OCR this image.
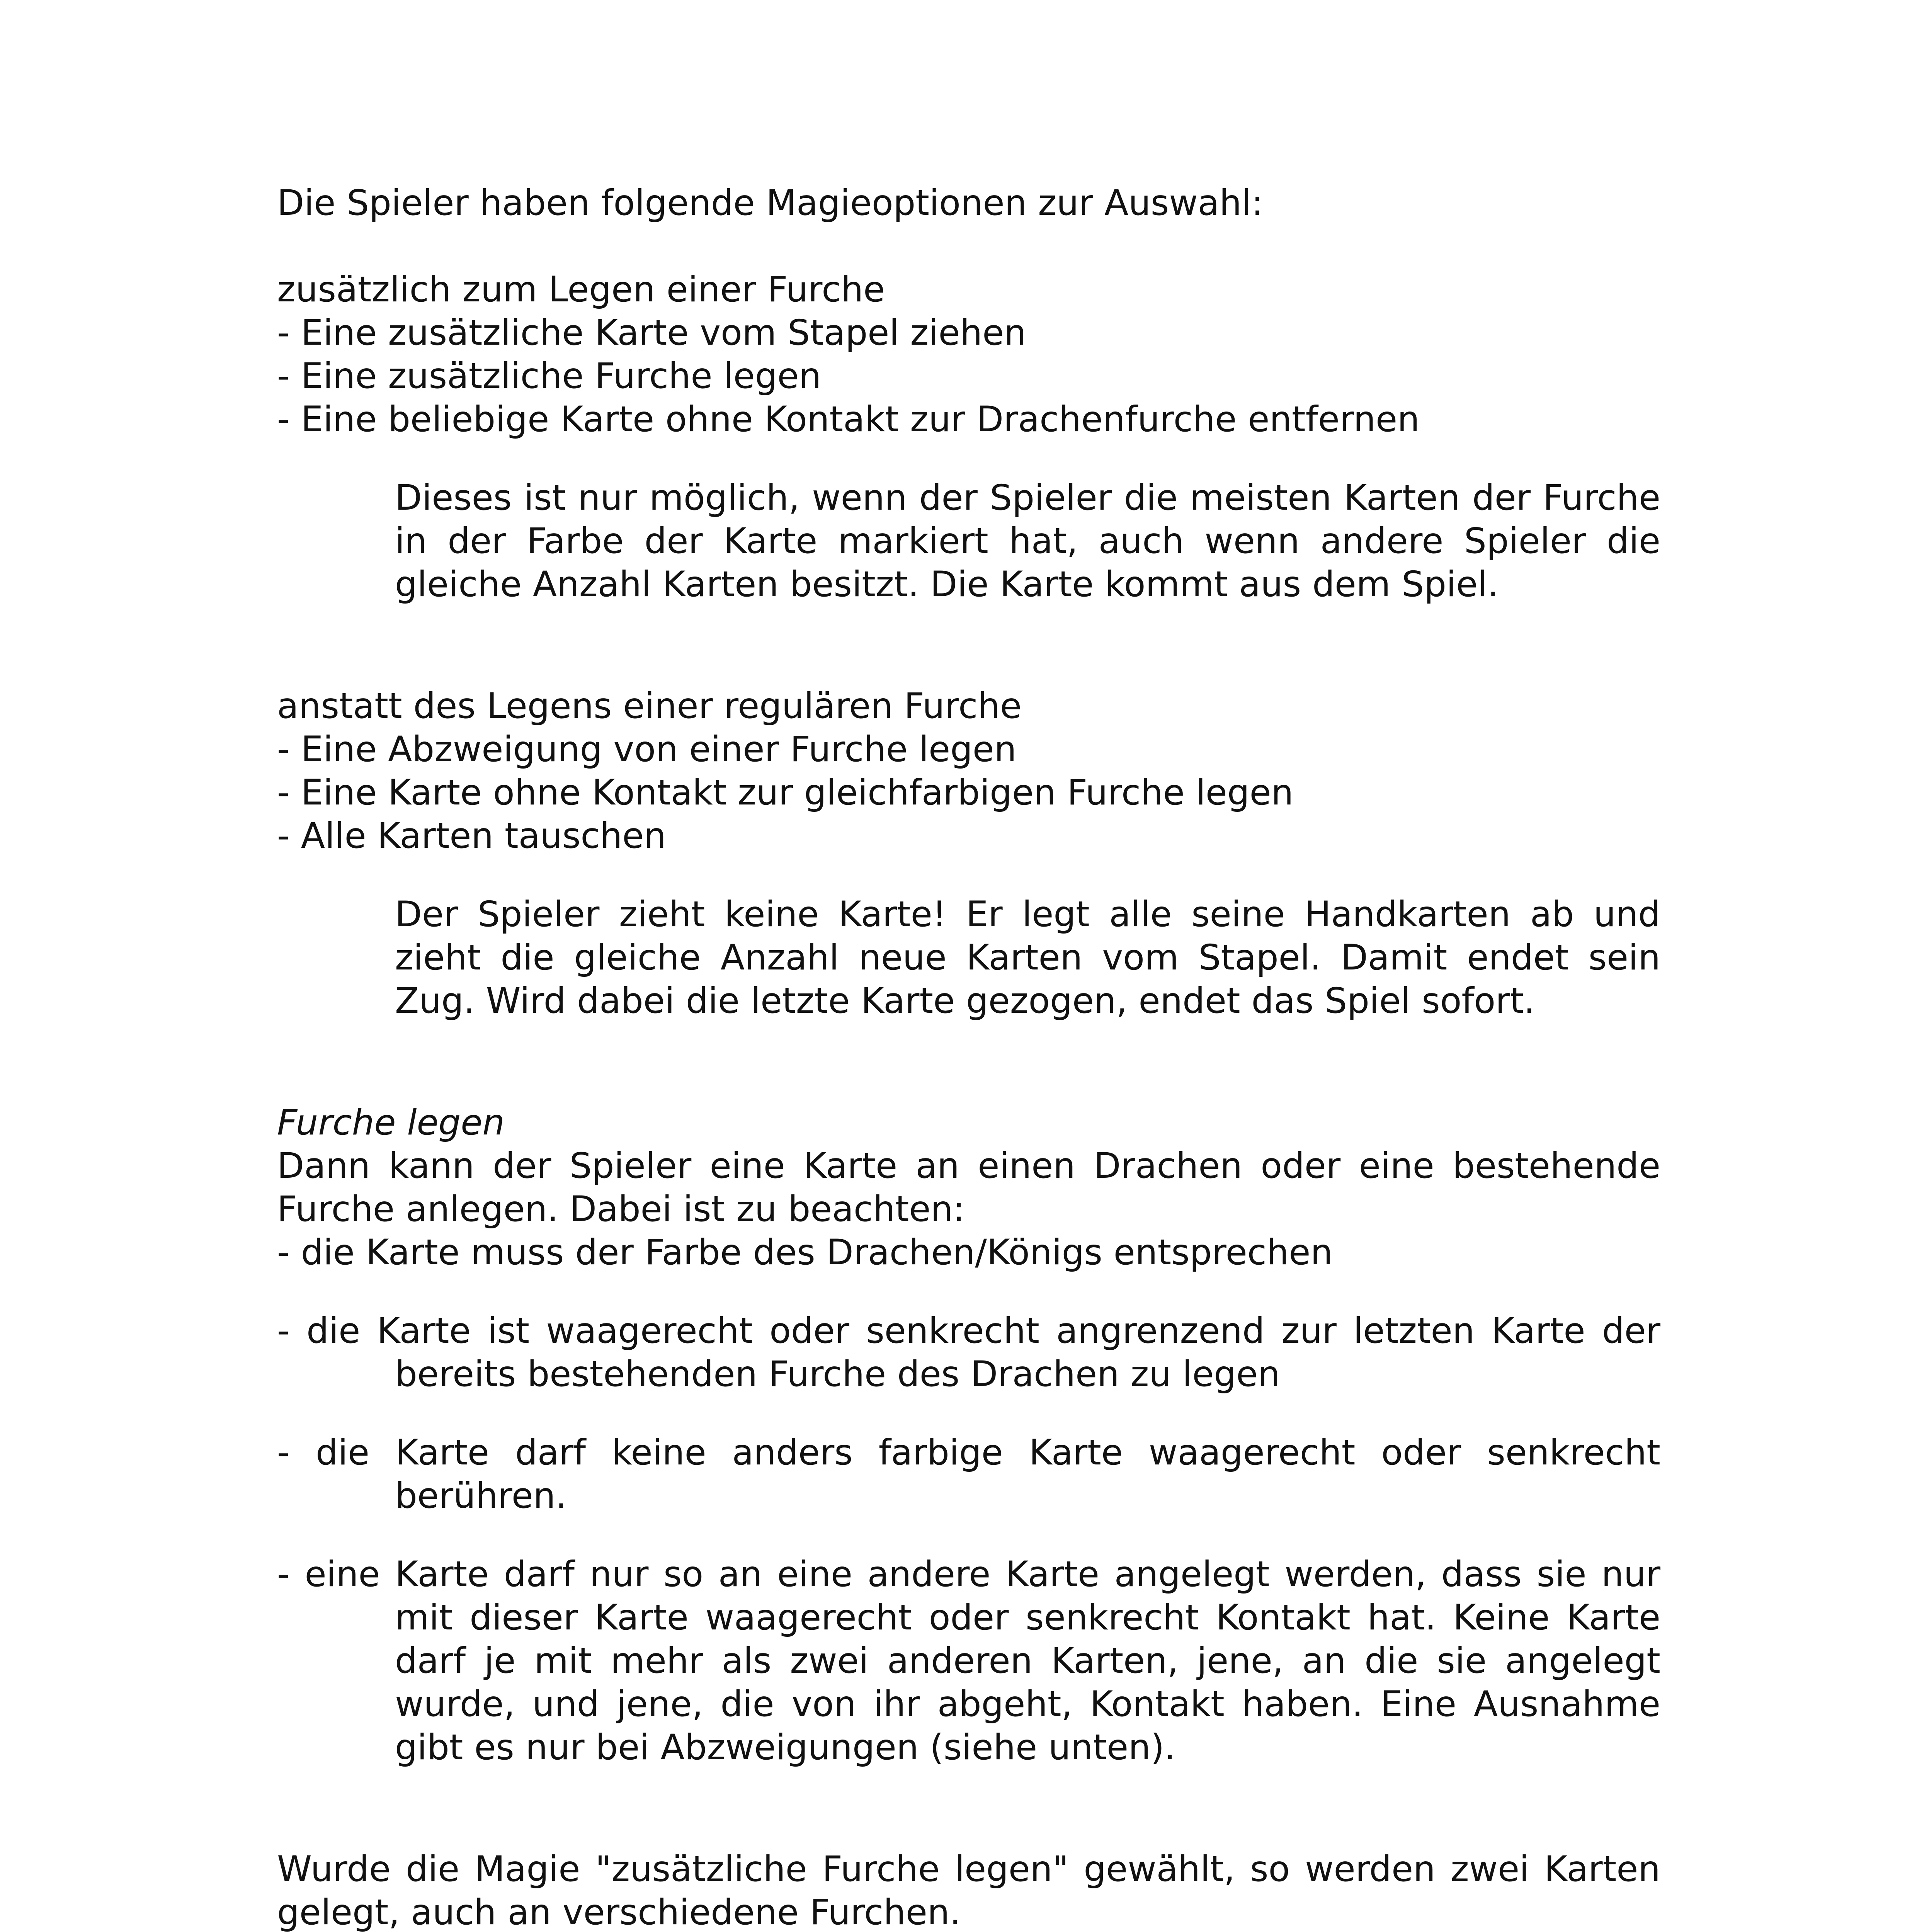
Die Spieler haben folgende Magieoptionen zur Auswahl:
zusätzlich zum Legen einer Furche
- Eine zusätzliche Karte vom Stapel ziehen
- Eine zusätzliche Furche legen
- Eine beliebige Karte ohne Kontakt zur Drachenfurche entfernen

Dieses ist nur möglich, wenn der Spieler die meisten Karten der Furche in der Farbe der Karte markiert hat, auch wenn andere Spieler die gleiche Anzahl Karten besitzt. Die Karte kommt aus dem Spiel.

anstatt des Legens einer regulären Furche
- Eine Abzweigung von einer Furche legen
- Eine Karte ohne Kontakt zur gleichfarbigen Furche legen
- Alle Karten tauschen

Der Spieler zieht keine Karte! Er legt alle seine Handkarten ab und zieht die gleiche Anzahl neue Karten vom Stapel. Damit endet sein Zug. Wird dabei die letzte Karte gezogen, endet das Spiel sofort.

Furche legen

Dann kann der Spieler eine Karte an einen Drachen oder eine bestehende Furche anlegen. Dabei ist zu beachten:

- die Karte muss der Farbe des Drachen/Königs entsprechen

- die Karte ist waagerecht oder senkrecht angrenzend zur letzten Karte der bereits bestehenden Furche des Drachen zu legen

- die Karte darf keine anders farbige Karte waagerecht oder senkrecht berühren.

- eine Karte darf nur so an eine andere Karte angelegt werden, dass sie nur mit dieser Karte waagerecht oder senkrecht Kontakt hat. Keine Karte darf je mit mehr als zwei anderen Karten, jene, an die sie angelegt wurde, und jene, die von ihr abgeht, Kontakt haben. Eine Ausnahme gibt es nur bei Abzweigungen (siehe unten).

Wurde die Magie "zusätzliche Furche legen" gewählt, so werden zwei Karten gelegt, auch an verschiedene Furchen.
